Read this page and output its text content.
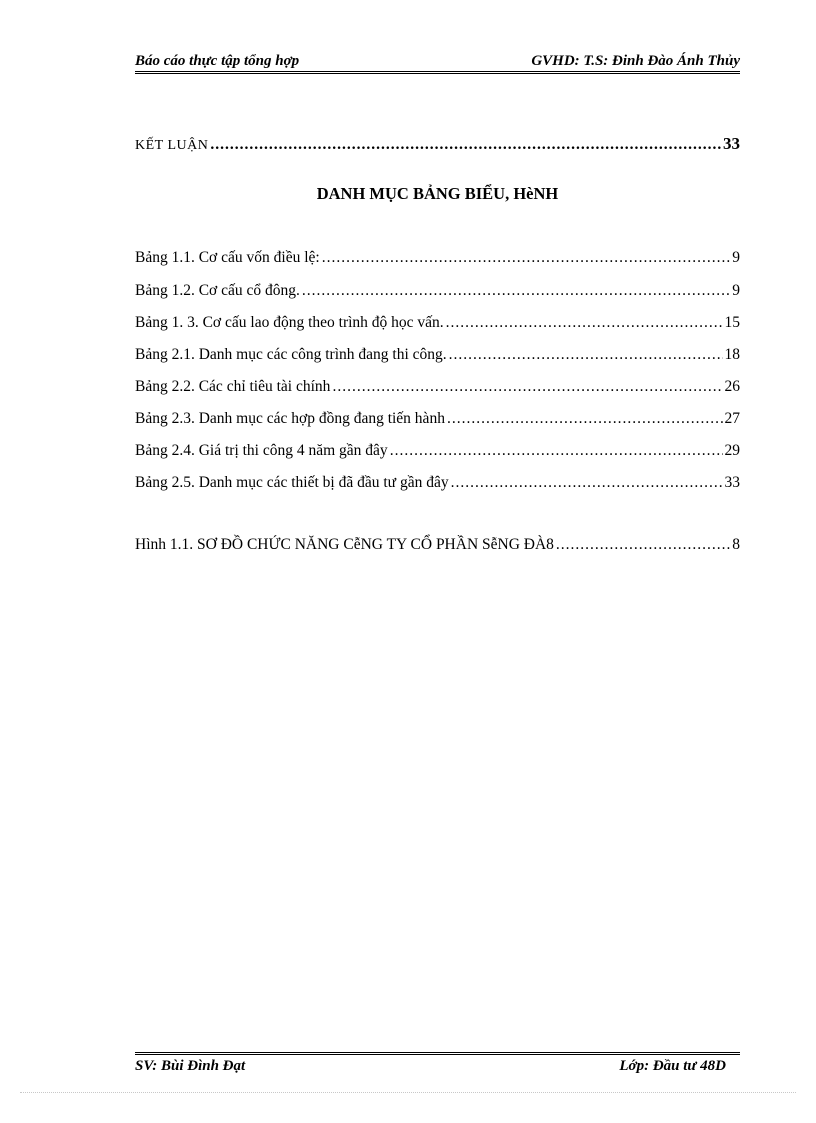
Báo cáo thực tập tổng hợp	GVHD: T.S: Đinh Đào Ánh Thủy
KẾT LUẬN .....	33
DANH MỤC BẢNG BIỂU, HèNH
Bảng 1.1. Cơ cấu vốn điều lệ: .....	9
Bảng 1.2. Cơ cấu cổ đông. .....	9
Bảng 1. 3. Cơ cấu lao động theo trình độ học vấn. .....	15
Bảng 2.1. Danh mục các công trình đang thi công. .....	18
Bảng 2.2. Các chỉ tiêu tài chính .....	26
Bảng 2.3. Danh mục các hợp đồng đang tiến hành .....	27
Bảng 2.4. Giá trị thi công 4 năm gần đây .....	29
Bảng 2.5. Danh mục các thiết bị đã đầu tư gần đây .....	33
Hình 1.1. SƠ ĐỒ CHỨC NĂNG CễNG TY CỔ PHẦN SễNG ĐÀ8 .....	8
SV: Bùi Đình Đạt	Lớp: Đầu tư 48D
